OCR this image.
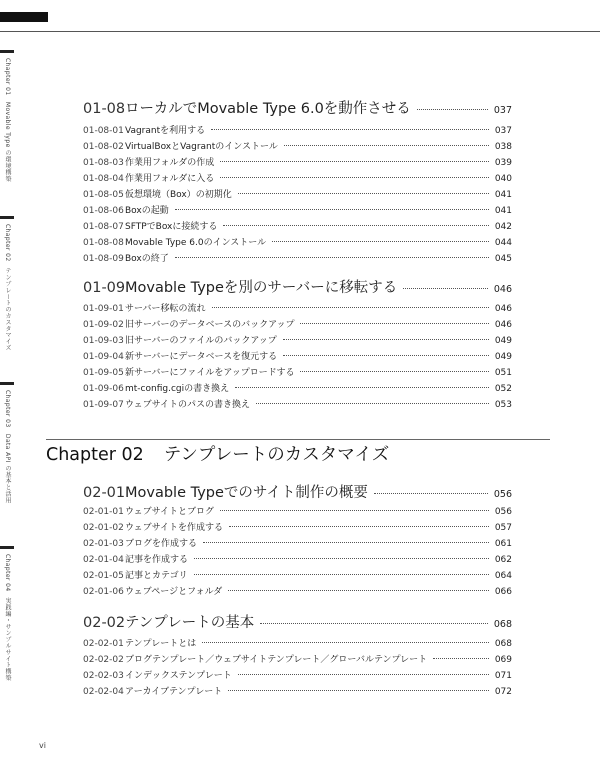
Chapter 01　Movable Type の環境構築
Chapter 02　テンプレートのカスタマイズ
Chapter 03　Data API の基本と活用
Chapter 04　実践編・サンプルサイト構築
01-08 ローカルでMovable Type 6.0を動作させる	037
01-08-01 Vagrantを利用する	037
01-08-02 VirtualBoxとVagrantのインストール	038
01-08-03 作業用フォルダの作成	039
01-08-04 作業用フォルダに入る	040
01-08-05 仮想環境（Box）の初期化	041
01-08-06 Boxの起動	041
01-08-07 SFTPでBoxに接続する	042
01-08-08 Movable Type 6.0のインストール	044
01-08-09 Boxの終了	045
01-09 Movable Typeを別のサーバーに移転する	046
01-09-01 サーバー移転の流れ	046
01-09-02 旧サーバーのデータベースのバックアップ	046
01-09-03 旧サーバーのファイルのバックアップ	049
01-09-04 新サーバーにデータベースを復元する	049
01-09-05 新サーバーにファイルをアップロードする	051
01-09-06 mt-config.cgiの書き換え	052
01-09-07 ウェブサイトのパスの書き換え	053
Chapter 02 テンプレートのカスタマイズ
02-01 Movable Typeでのサイト制作の概要	056
02-01-01 ウェブサイトとブログ	056
02-01-02 ウェブサイトを作成する	057
02-01-03 ブログを作成する	061
02-01-04 記事を作成する	062
02-01-05 記事とカテゴリ	064
02-01-06 ウェブページとフォルダ	066
02-02 テンプレートの基本	068
02-02-01 テンプレートとは	068
02-02-02 ブログテンプレート／ウェブサイトテンプレート／グローバルテンプレート	069
02-02-03 インデックステンプレート	071
02-02-04 アーカイブテンプレート	072
vi
